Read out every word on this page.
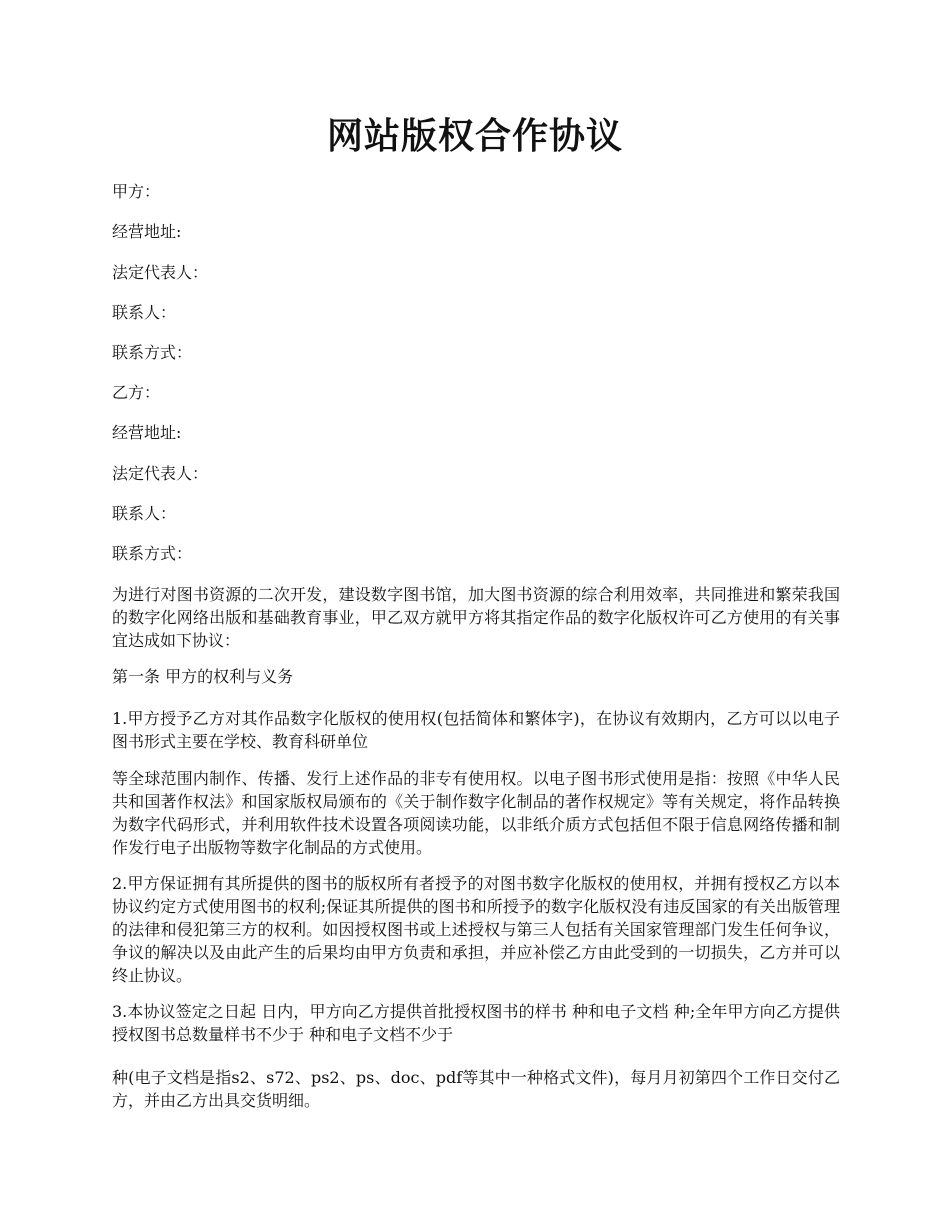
网站版权合作协议
甲方：
经营地址:
法定代表人：
联系人：
联系方式：
乙方：
经营地址:
法定代表人：
联系人：
联系方式：
为进行对图书资源的二次开发，建设数字图书馆，加大图书资源的综合利用效率，共同推进和繁荣我国的数字化网络出版和基础教育事业，甲乙双方就甲方将其指定作品的数字化版权许可乙方使用的有关事宜达成如下协议：
第一条 甲方的权利与义务
1.甲方授予乙方对其作品数字化版权的使用权(包括简体和繁体字)，在协议有效期内，乙方可以以电子图书形式主要在学校、教育科研单位
等全球范围内制作、传播、发行上述作品的非专有使用权。以电子图书形式使用是指：按照《中华人民共和国著作权法》和国家版权局颁布的《关于制作数字化制品的著作权规定》等有关规定，将作品转换为数字代码形式，并利用软件技术设置各项阅读功能，以非纸介质方式包括但不限于信息网络传播和制作发行电子出版物等数字化制品的方式使用。
2.甲方保证拥有其所提供的图书的版权所有者授予的对图书数字化版权的使用权，并拥有授权乙方以本协议约定方式使用图书的权利;保证其所提供的图书和所授予的数字化版权没有违反国家的有关出版管理的法律和侵犯第三方的权利。如因授权图书或上述授权与第三人包括有关国家管理部门发生任何争议，争议的解决以及由此产生的后果均由甲方负责和承担，并应补偿乙方由此受到的一切损失，乙方并可以终止协议。
3.本协议签定之日起 日内，甲方向乙方提供首批授权图书的样书 种和电子文档 种;全年甲方向乙方提供授权图书总数量样书不少于 种和电子文档不少于
种(电子文档是指s2、s72、ps2、ps、doc、pdf等其中一种格式文件)，每月月初第四个工作日交付乙方，并由乙方出具交货明细。
